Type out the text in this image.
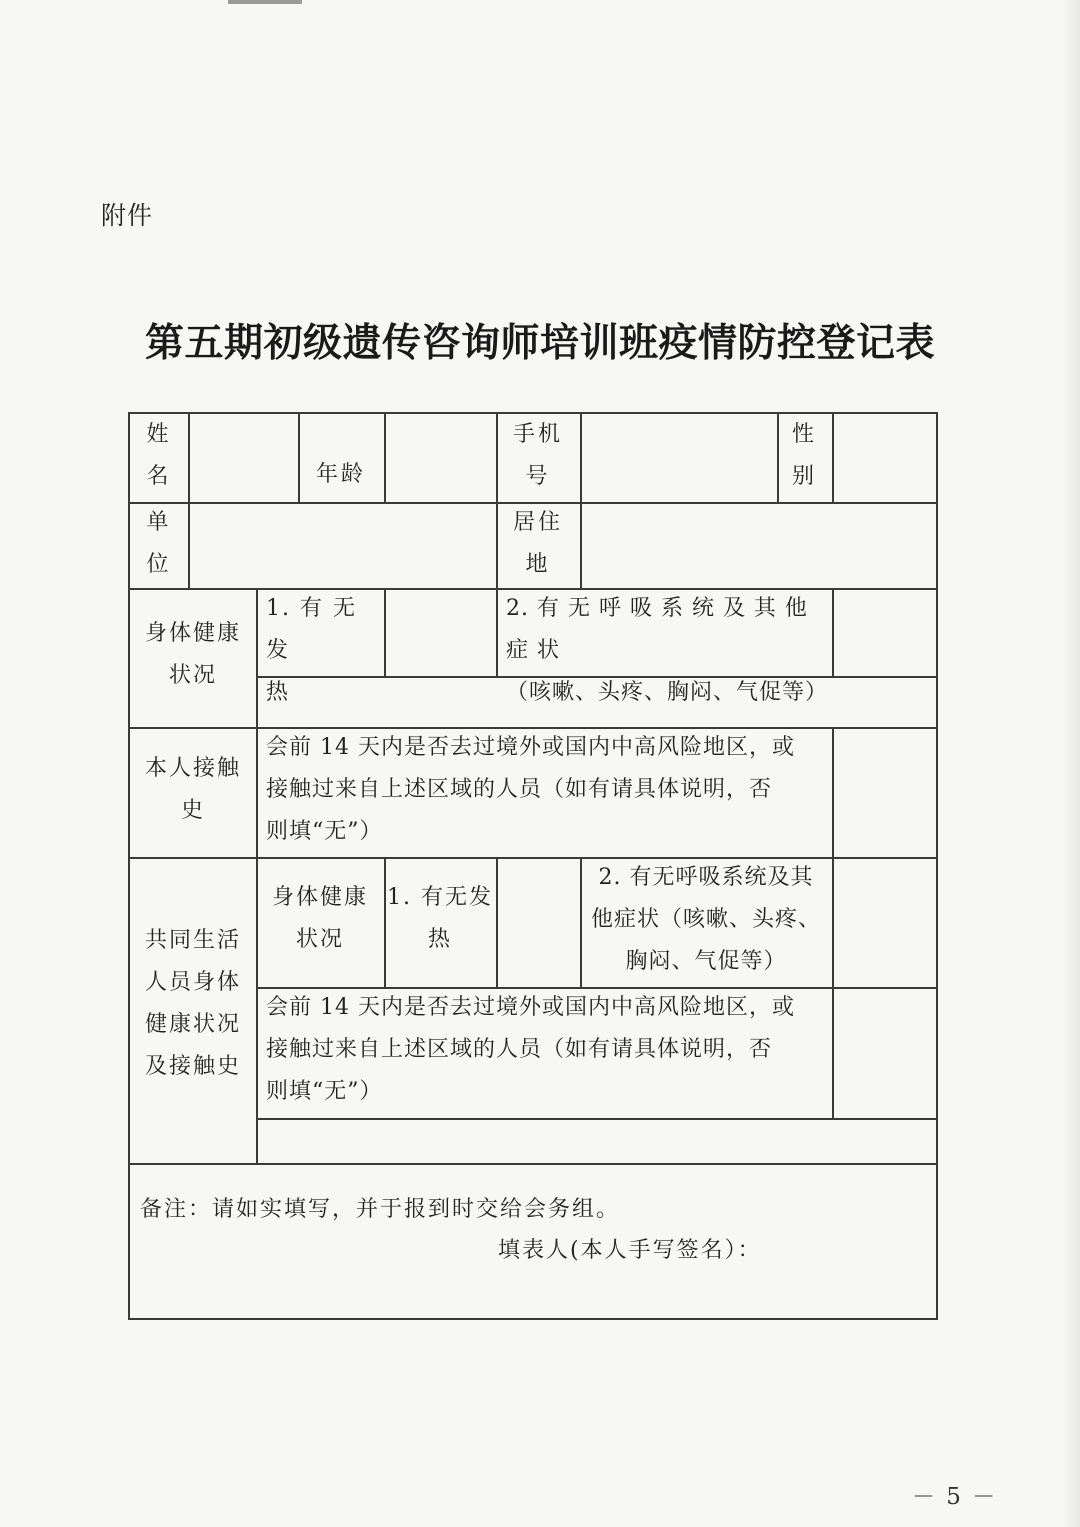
附件
第五期初级遗传咨询师培训班疫情防控登记表
姓
名	年龄
手机
号
性
别
单
位
居住
地
身体健康
状况
1. 有 无 发
热
2. 有 无 呼 吸 系 统 及 其 他 症 状
（咳嗽、头疼、胸闷、气促等）
本人接触
史
会前 14 天内是否去过境外或国内中高风险地区，或
接触过来自上述区域的人员（如有请具体说明，否
则填“无”）
共同生活
人员身体
健康状况
及接触史
身体健康
状况
1. 有无发
热
2. 有无呼吸系统及其
他症状（咳嗽、头疼、
胸闷、气促等）
会前 14 天内是否去过境外或国内中高风险地区，或
接触过来自上述区域的人员（如有请具体说明，否
则填“无”）
备注：请如实填写，并于报到时交给会务组。
填表人(本人手写签名）：
－ 5 －
